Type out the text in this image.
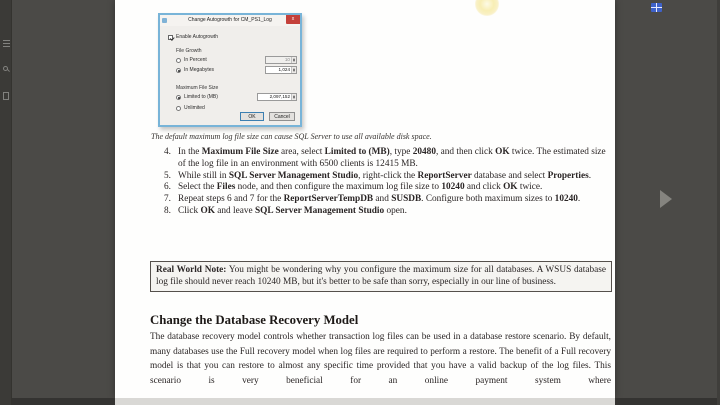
Change Autogrowth for CM_PS1_Log	x
Enable Autogrowth
File Growth
In Percent	10
In Megabytes	1,024
Maximum File Size
Limited to (MB)	2,097,152
Unlimited
OK	Cancel
The default maximum log file size can cause SQL Server to use all available disk space.
4. In the Maximum File Size area, select Limited to (MB), type 20480, and then click OK twice. The estimated size of the log file in an environment with 6500 clients is 12415 MB.
5. While still in SQL Server Management Studio, right-click the ReportServer database and select Properties.
6. Select the Files node, and then configure the maximum log file size to 10240 and click OK twice.
7. Repeat steps 6 and 7 for the ReportServerTempDB and SUSDB. Configure both maximum sizes to 10240.
8. Click OK and leave SQL Server Management Studio open.
Real World Note: You might be wondering why you configure the maximum size for all databases. A WSUS database log file should never reach 10240 MB, but it's better to be safe than sorry, especially in our line of business.
Change the Database Recovery Model
The database recovery model controls whether transaction log files can be used in a database restore scenario. By default, many databases use the Full recovery model when log files are required to perform a restore. The benefit of a Full recovery model is that you can restore to almost any specific time provided that you have a valid backup of the log files. This scenario is very beneficial for an online payment system where
